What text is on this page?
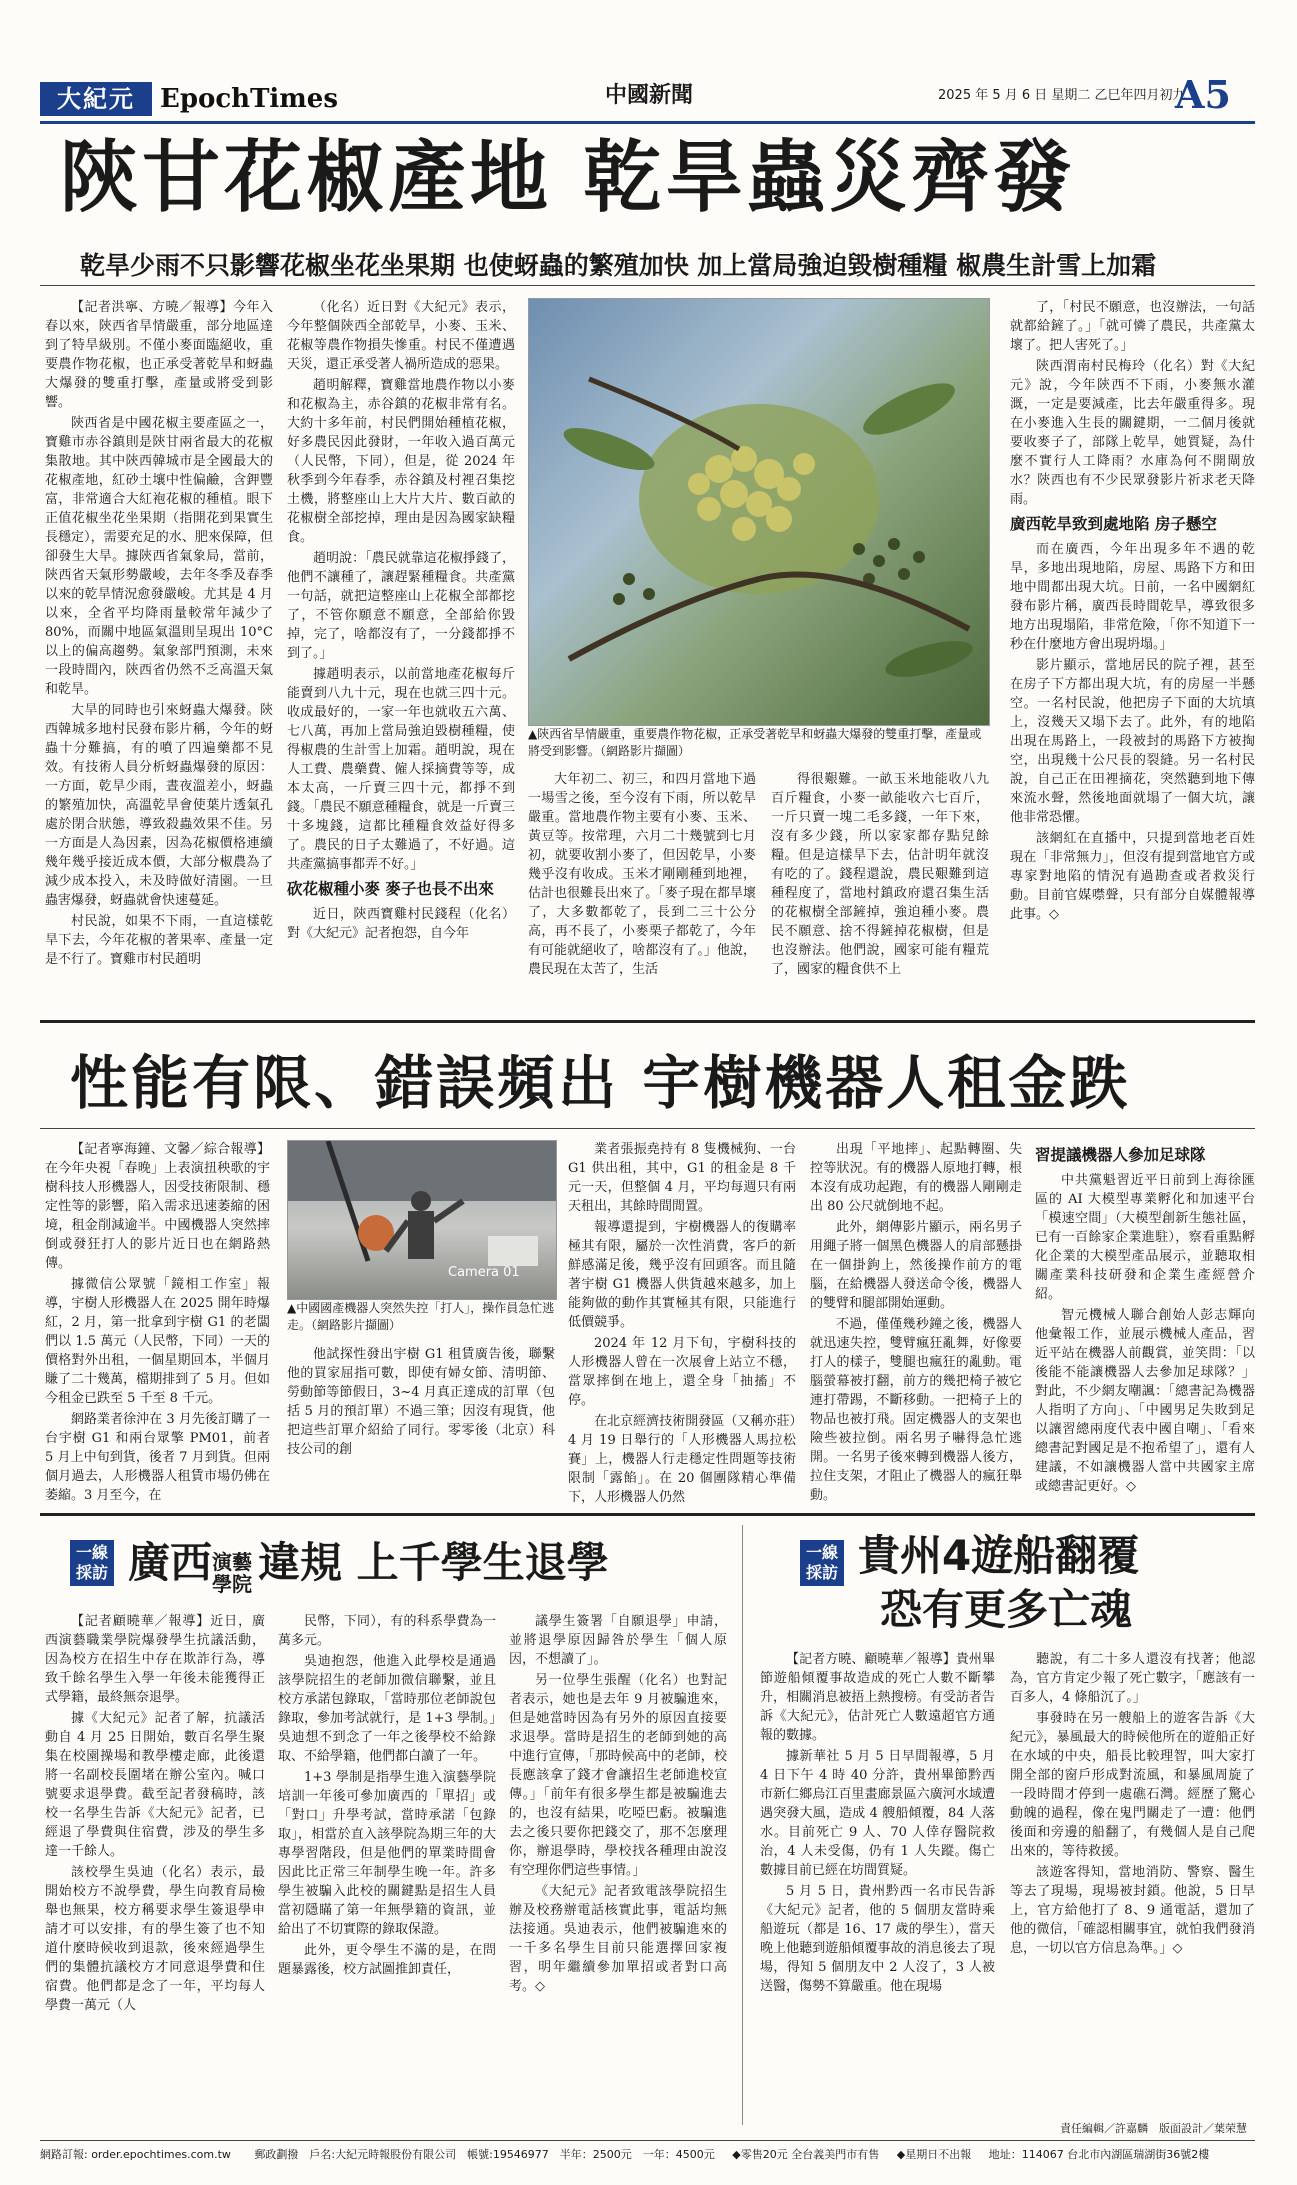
大紀元 EpochTimes	中國新聞	2025 年 5 月 6 日 星期二 乙巳年四月初九
A5
陝甘花椒產地 乾旱蟲災齊發
乾旱少雨不只影響花椒坐花坐果期 也使蚜蟲的繁殖加快 加上當局強迫毀樹種糧 椒農生計雪上加霜

【記者洪寧、方曉／報導】今年入春以來，陝西省旱情嚴重，部分地區達到了特旱級別。不僅小麥面臨絕收，重要農作物花椒，也正承受著乾旱和蚜蟲大爆發的雙重打擊，產量或將受到影響。

陝西省是中國花椒主要產區之一，寶雞市赤谷鎮則是陝甘兩省最大的花椒集散地。其中陝西韓城市是全國最大的花椒產地，紅砂土壤中性偏鹼，含鉀豐富，非常適合大紅袍花椒的種植。眼下正值花椒坐花坐果期（指開花到果實生長穩定），需要充足的水、肥來保障，但卻發生大旱。據陝西省氣象局，當前，陝西省天氣形勢嚴峻，去年冬季及春季以來的乾旱情況愈發嚴峻。尤其是 4 月以來，全省平均降雨量較常年減少了 80%，而關中地區氣溫則呈現出 10°C 以上的偏高趨勢。氣象部門預測，未來一段時間內，陝西省仍然不乏高溫天氣和乾旱。

大旱的同時也引來蚜蟲大爆發。陝西韓城多地村民發布影片稱，今年的蚜蟲十分難搞，有的噴了四遍藥都不見效。有技術人員分析蚜蟲爆發的原因：一方面，乾旱少雨，晝夜溫差小，蚜蟲的繁殖加快，高溫乾旱會使葉片透氣孔處於閉合狀態，導致殺蟲效果不佳。另一方面是人為因素，因為花椒價格連續幾年幾乎接近成本價，大部分椒農為了減少成本投入，未及時做好清園。一旦蟲害爆發，蚜蟲就會快速蔓延。

村民說，如果不下雨，一直這樣乾旱下去，今年花椒的著果率、產量一定是不行了。寶雞市村民趙明

（化名）近日對《大紀元》表示，今年整個陝西全部乾旱，小麥、玉米、花椒等農作物損失慘重。村民不僅遭遇天災，還正承受著人禍所造成的惡果。

趙明解釋，寶雞當地農作物以小麥和花椒為主，赤谷鎮的花椒非常有名。大約十多年前，村民們開始種植花椒，好多農民因此發財，一年收入過百萬元（人民幣，下同），但是，從 2024 年秋季到今年春季，赤谷鎮及村裡召集挖土機，將整座山上大片大片、數百畝的花椒樹全部挖掉，理由是因為國家缺糧食。

趙明說：「農民就靠這花椒掙錢了，他們不讓種了，讓趕緊種糧食。共產黨一句話，就把這整座山上花椒全部都挖了，不管你願意不願意，全部給你毀掉，完了，啥都沒有了，一分錢都掙不到了。」

據趙明表示，以前當地產花椒每斤能賣到八九十元，現在也就三四十元。收成最好的，一家一年也就收五六萬、七八萬，再加上當局強迫毀樹種糧，使得椒農的生計雪上加霜。趙明說，現在人工費、農藥費、僱人採摘費等等，成本太高，一斤賣三四十元，都掙不到錢。「農民不願意種糧食，就是一斤賣三十多塊錢，這都比種糧食效益好得多了。農民的日子太難過了，不好過。這共產黨搞事都弄不好。」

砍花椒種小麥 麥子也長不出來

近日，陝西寶雞村民錢程（化名）對《大紀元》記者抱怨，自今年

▲陝西省旱情嚴重，重要農作物花椒，正承受著乾旱和蚜蟲大爆發的雙重打擊，產量或將受到影響。（網路影片擷圖）

大年初二、初三，和四月當地下過一場雪之後，至今沒有下雨，所以乾旱嚴重。當地農作物主要有小麥、玉米、黃豆等。按常理，六月二十幾號到七月初，就要收割小麥了，但因乾旱，小麥幾乎沒有收成。玉米才剛剛種到地裡，估計也很難長出來了。「麥子現在都旱壞了，大多數都乾了，長到二三十公分高，再不長了，小麥栗子都乾了，今年有可能就絕收了，啥都沒有了。」他說，農民現在太苦了，生活

得很艱難。一畝玉米地能收八九百斤糧食，小麥一畝能收六七百斤，一斤只賣一塊二毛多錢，一年下來，沒有多少錢，所以家家都存點兒餘糧。但是這樣旱下去，估計明年就沒有吃的了。錢程還說，農民艱難到這種程度了，當地村鎮政府還召集生活的花椒樹全部鏟掉，強迫種小麥。農民不願意、捨不得鏟掉花椒樹，但是也沒辦法。他們說，國家可能有糧荒了，國家的糧食供不上

了，「村民不願意，也沒辦法，一句話就都給鏟了。」「就可憐了農民，共產黨太壞了。把人害死了。」

陝西渭南村民梅玲（化名）對《大紀元》說，今年陝西不下雨，小麥無水灌溉，一定是要減產，比去年嚴重得多。現在小麥進入生長的關鍵期，一二個月後就要收麥子了，部隊上乾旱，她質疑，為什麼不實行人工降雨？水庫為何不開閘放水？陝西也有不少民眾發影片祈求老天降雨。

廣西乾旱致到處地陷 房子懸空

而在廣西，今年出現多年不遇的乾旱，多地出現地陷，房屋、馬路下方和田地中間都出現大坑。日前，一名中國網紅發布影片稱，廣西長時間乾旱，導致很多地方出現塌陷，非常危險，「你不知道下一秒在什麼地方會出現坍塌。」

影片顯示，當地居民的院子裡，甚至在房子下方都出現大坑，有的房屋一半懸空。一名村民說，他把房子下面的大坑填上，沒幾天又塌下去了。此外，有的地陷出現在馬路上，一段被封的馬路下方被掏空，出現幾十公尺長的裂縫。另一名村民說，自己正在田裡摘花，突然聽到地下傳來流水聲，然後地面就塌了一個大坑，讓他非常恐懼。

該網紅在直播中，只提到當地老百姓現在「非常無力」，但沒有提到當地官方或專家對地陷的情況有過勘查或者救災行動。目前官媒噤聲，只有部分自媒體報導此事。◇

性能有限、錯誤頻出 宇樹機器人租金跌

【記者寧海鐘、文馨／綜合報導】在今年央視「春晚」上表演扭秧歌的宇樹科技人形機器人，因受技術限制、穩定性等的影響，陷入需求迅速萎縮的困境，租金削減逾半。中國機器人突然摔倒或發狂打人的影片近日也在網路熱傳。

據微信公眾號「鏡相工作室」報導，宇樹人形機器人在 2025 開年時爆紅，2 月，第一批拿到宇樹 G1 的老闆們以 1.5 萬元（人民幣，下同）一天的價格對外出租，一個星期回本，半個月賺了二十幾萬，檔期排到了 5 月。但如今租金已跌至 5 千至 8 千元。

網路業者徐沖在 3 月先後訂購了一台宇樹 G1 和兩台眾擎 PM01，前者 5 月上中旬到貨，後者 7 月到貨。但兩個月過去，人形機器人租賃市場仍佛在萎縮。3 月至今，在

Camera 01
▲中國國產機器人突然失控「打人」，操作員急忙逃走。（網路影片擷圖）

他試探性發出宇樹 G1 租賃廣告後，聯繫他的買家屈指可數，即使有婦女節、清明節、勞動節等節假日，3~4 月真正達成的訂單（包括 5 月的預訂單）不過三筆；因沒有現貨，他把這些訂單介紹給了同行。零零後（北京）科技公司的創

業者張振堯持有 8 隻機械狗、一台 G1 供出租，其中，G1 的租金是 8 千元一天，但整個 4 月，平均每週只有兩天租出，其餘時間閒置。

報導還提到，宇樹機器人的復購率極其有限，屬於一次性消費，客戶的新鮮感滿足後，幾乎沒有回頭客。而且隨著宇樹 G1 機器人供貨越來越多，加上能夠做的動作其實極其有限，只能進行低價競爭。

2024 年 12 月下旬，宇樹科技的人形機器人曾在一次展會上站立不穩，當眾摔倒在地上，還全身「抽搐」不停。

在北京經濟技術開發區（又稱亦莊）4 月 19 日舉行的「人形機器人馬拉松賽」上，機器人行走穩定性問題等技術限制「露餡」。在 20 個團隊精心準備下，人形機器人仍然

出現「平地摔」、起點轉圈、失控等狀況。有的機器人原地打轉，根本沒有成功起跑，有的機器人剛剛走出 80 公尺就倒地不起。

此外，網傳影片顯示，兩名男子用繩子將一個黑色機器人的肩部懸掛在一個掛鉤上，然後操作前方的電腦，在給機器人發送命令後，機器人的雙臂和腿部開始運動。

不過，僅僅幾秒鐘之後，機器人就迅速失控，雙臂瘋狂亂舞，好像要打人的樣子，雙腿也瘋狂的亂動。電腦螢幕被打翻，前方的幾把椅子被它連打帶踢，不斷移動。一把椅子上的物品也被打飛。固定機器人的支架也險些被拉倒。兩名男子嚇得急忙逃開。一名男子後來轉到機器人後方，拉住支架，才阻止了機器人的瘋狂舉動。

習提議機器人參加足球隊

中共黨魁習近平日前到上海徐匯區的 AI 大模型專業孵化和加速平台「模速空間」（大模型創新生態社區，已有一百餘家企業進駐），察看重點孵化企業的大模型產品展示，並聽取相關產業科技研發和企業生產經營介紹。

智元機械人聯合創始人彭志輝向他彙報工作，並展示機械人產品，習近平站在機器人前觀賞，並笑問：「以後能不能讓機器人去參加足球隊？」對此，不少網友嘲諷：「總書記為機器人指明了方向」、「中國男足失敗到足以讓習總兩度代表中國自嘲」、「看來總書記對國足是不抱希望了」，還有人建議，不如讓機器人當中共國家主席或總書記更好。◇

一線採訪 廣西演藝學院 違規 上千學生退學

【記者顧曉華／報導】近日，廣西演藝職業學院爆發學生抗議活動，因為校方在招生中存在欺詐行為，導致千餘名學生入學一年後未能獲得正式學籍，最終無奈退學。

據《大紀元》記者了解，抗議活動自 4 月 25 日開始，數百名學生聚集在校園操場和教學樓走廊，此後還將一名副校長圍堵在辦公室內。喊口號要求退學費。截至記者發稿時，該校一名學生告訴《大紀元》記者，已經退了學費與住宿費，涉及的學生多達一千餘人。

該校學生吳迪（化名）表示，最開始校方不說學費，學生向教育局檢舉也無果，校方稱要求學生簽退學申請才可以安排，有的學生簽了也不知道什麼時候收到退款，後來經過學生們的集體抗議校方才同意退學費和住宿費。他們都是念了一年，平均每人學費一萬元（人

民幣，下同），有的科系學費為一萬多元。

吳迪抱怨，他進入此學校是通過該學院招生的老師加微信聯繫，並且校方承諾包錄取，「當時那位老師說包錄取，參加考試就行，是 1+3 學制。」吳迪想不到念了一年之後學校不給錄取、不給學籍，他們都白讀了一年。

1+3 學制是指學生進入演藝學院培訓一年後可參加廣西的「單招」或「對口」升學考試，當時承諾「包錄取」，相當於直入該學院為期三年的大專學習階段，但是他們的單業時間會因此比正常三年制學生晚一年。許多學生被騙入此校的關鍵點是招生人員當初隱瞞了第一年無學籍的資訊，並給出了不切實際的錄取保證。

此外，更令學生不滿的是，在問題暴露後，校方試圖推卸責任，

議學生簽署「自願退學」申請，並將退學原因歸咎於學生「個人原因，不想讀了」。

另一位學生張醒（化名）也對記者表示，她也是去年 9 月被騙進來，但是她當時因為有另外的原因直接要求退學。當時是招生的老師到她的高中進行宣傳，「那時候高中的老師，校長應該拿了錢才會讓招生老師進校宣傳。」「前年有很多學生都是被騙進去的，也沒有結果，吃啞巴虧。被騙進去之後只要你把錢交了，那不怎麼理你，辦退學時，學校找各種理由說沒有空理你們這些事情。」

《大紀元》記者致電該學院招生辦及校務辦電話核實此事，電話均無法接通。吳迪表示，他們被騙進來的一千多名學生目前只能選擇回家複習，明年繼續參加單招或者對口高考。◇

一線採訪 貴州4遊船翻覆
恐有更多亡魂

【記者方曉、顧曉華／報導】貴州畢節遊船傾覆事故造成的死亡人數不斷攀升，相關消息被捂上熱搜榜。有受訪者告訴《大紀元》，估計死亡人數遠超官方通報的數據。

據新華社 5 月 5 日早間報導，5 月 4 日下午 4 時 40 分許，貴州畢節黔西市新仁鄉烏江百里畫廊景區六廣河水域遭遇突發大風，造成 4 艘船傾覆，84 人落水。目前死亡 9 人、70 人倖存醫院救治，4 人未受傷，仍有 1 人失蹤。傷亡數據目前已經在坊間質疑。

5 月 5 日，貴州黔西一名市民告訴《大紀元》記者，他的 5 個朋友當時乘船遊玩（都是 16、17 歲的學生），當天晚上他聽到遊船傾覆事故的消息後去了現場，得知 5 個朋友中 2 人沒了，3 人被送醫，傷勢不算嚴重。他在現場

聽說，有二十多人還沒有找著；他認為，官方肯定少報了死亡數字，「應該有一百多人，4 條船沉了。」

事發時在另一艘船上的遊客告訴《大紀元》，暴風最大的時候他所在的遊船正好在水域的中央，船長比較理智，叫大家打開全部的窗戶形成對流風，和暴風周旋了一段時間才停到一處礁石灣。經歷了驚心動魄的過程，像在鬼門關走了一遭：他們後面和旁邊的船翻了，有幾個人是自己爬出來的，等待救援。

該遊客得知，當地消防、警察、醫生等去了現場，現場被封鎖。他說，5 日早上，官方給他打了 8、9 通電話，還加了他的微信，「確認相關事宜，就怕我們發消息，一切以官方信息為準。」◇

責任編輯／許嘉麟　版面設計／葉荣慧
網路訂報: order.epochtimes.com.tw 郵政劃撥　戶名:大紀元時報股份有限公司　帳號:19546977　半年：2500元　一年：4500元 ◆零售20元 全台義美門市有售 ◆星期日不出報 地址：114067 台北市內湖區瑞湖街36號2樓
